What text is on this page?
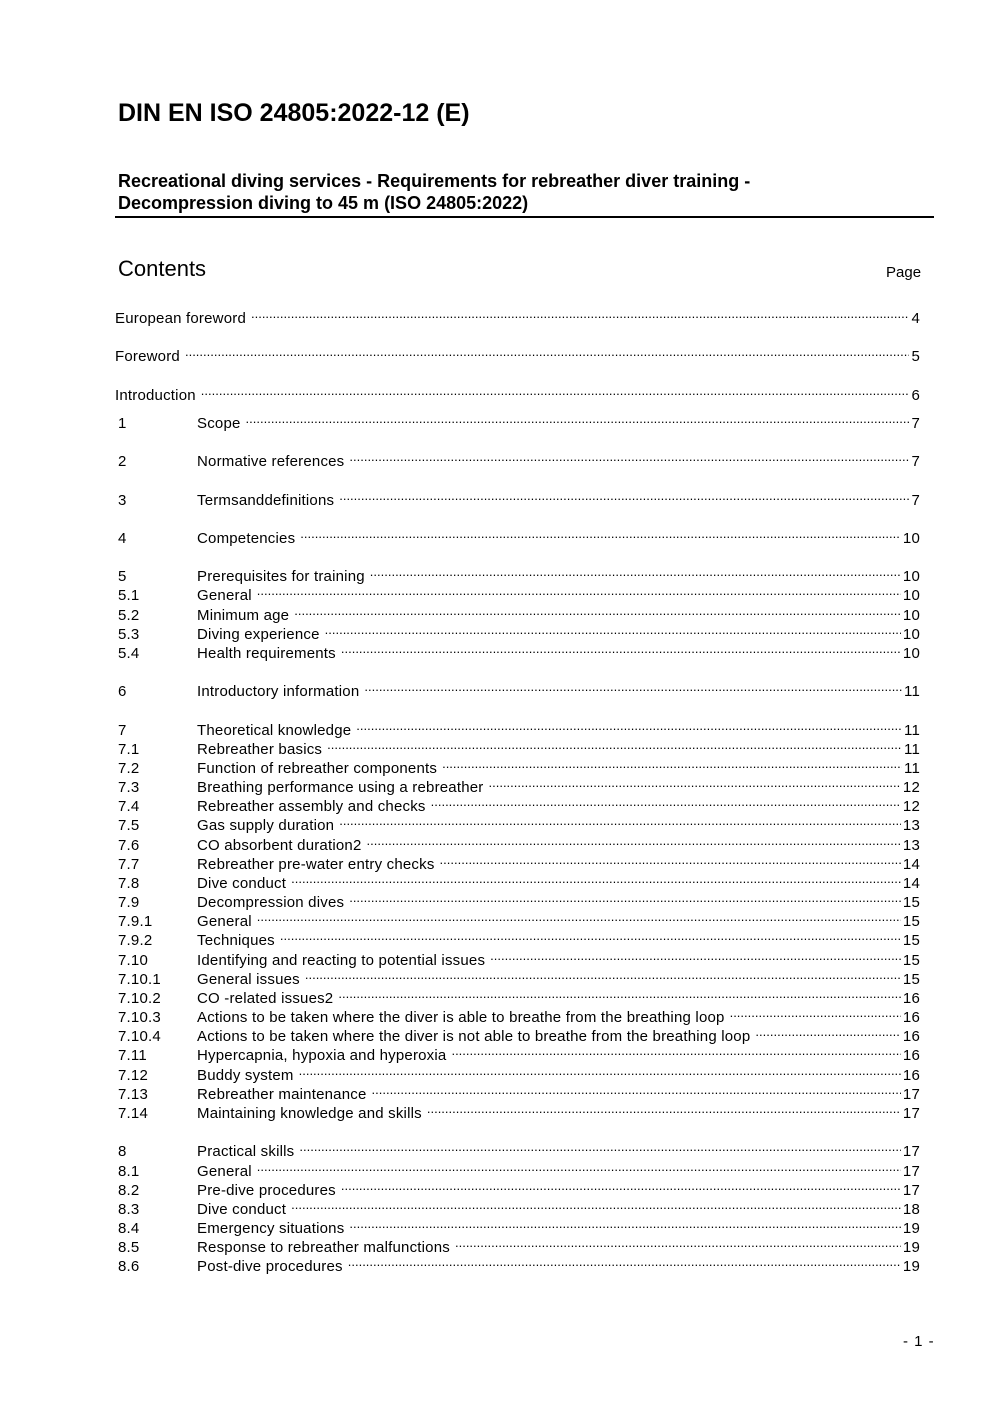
DIN EN ISO 24805:2022-12 (E)
Recreational diving services - Requirements for rebreather diver training -
Decompression diving to 45 m (ISO 24805:2022)
Contents	Page
European foreword .....	4
Foreword .....	5
Introduction .....	6
1	Scope .....	7
2	Normative references .....	7
3	Termsanddefinitions .....	7
4	Competencies .....	10
5	Prerequisites for training .....	10
5.1	General .....	10
5.2	Minimum age .....	10
5.3	Diving experience .....	10
5.4	Health requirements .....	10
6	Introductory information .....	11
7	Theoretical knowledge .....	11
7.1	Rebreather basics .....	11
7.2	Function of rebreather components .....	11
7.3	Breathing performance using a rebreather .....	12
7.4	Rebreather assembly and checks .....	12
7.5	Gas supply duration .....	13
7.6	CO absorbent duration2 .....	13
7.7	Rebreather pre-water entry checks .....	14
7.8	Dive conduct .....	14
7.9	Decompression dives .....	15
7.9.1	General .....	15
7.9.2	Techniques .....	15
7.10	Identifying and reacting to potential issues .....	15
7.10.1	General issues .....	15
7.10.2	CO -related issues2 .....	16
7.10.3	Actions to be taken where the diver is able to breathe from the breathing loop .....	16
7.10.4	Actions to be taken where the diver is not able to breathe from the breathing loop .....	16
7.11	Hypercapnia, hypoxia and hyperoxia .....	16
7.12	Buddy system .....	16
7.13	Rebreather maintenance .....	17
7.14	Maintaining knowledge and skills .....	17
8	Practical skills .....	17
8.1	General .....	17
8.2	Pre-dive procedures .....	17
8.3	Dive conduct .....	18
8.4	Emergency situations .....	19
8.5	Response to rebreather malfunctions .....	19
8.6	Post-dive procedures .....	19
- 1 -
